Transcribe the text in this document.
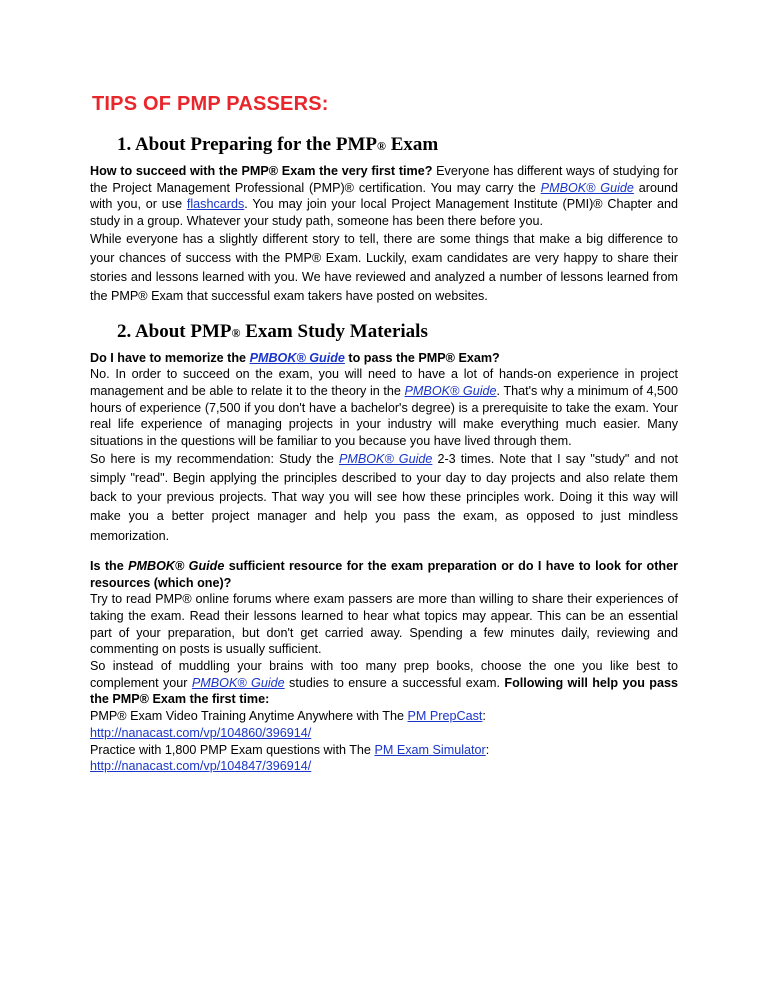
TIPS OF PMP PASSERS:
1. About Preparing for the PMP® Exam

How to succeed with the PMP® Exam the very first time? Everyone has different ways of studying for the Project Management Professional (PMP)® certification. You may carry the PMBOK® Guide around with you, or use flashcards. You may join your local Project Management Institute (PMI)® Chapter and study in a group. Whatever your study path, someone has been there before you.

While everyone has a slightly different story to tell, there are some things that make a big difference to your chances of success with the PMP® Exam. Luckily, exam candidates are very happy to share their stories and lessons learned with you. We have reviewed and analyzed a number of lessons learned from the PMP® Exam that successful exam takers have posted on websites.

2. About PMP® Exam Study Materials

Do I have to memorize the PMBOK® Guide to pass the PMP® Exam?

No. In order to succeed on the exam, you will need to have a lot of hands-on experience in project management and be able to relate it to the theory in the PMBOK® Guide. That's why a minimum of 4,500 hours of experience (7,500 if you don't have a bachelor's degree) is a prerequisite to take the exam. Your real life experience of managing projects in your industry will make everything much easier. Many situations in the questions will be familiar to you because you have lived through them.

So here is my recommendation: Study the PMBOK® Guide 2-3 times. Note that I say "study" and not simply "read". Begin applying the principles described to your day to day projects and also relate them back to your previous projects. That way you will see how these principles work. Doing it this way will make you a better project manager and help you pass the exam, as opposed to just mindless memorization.

Is the PMBOK® Guide sufficient resource for the exam preparation or do I have to look for other resources (which one)?

Try to read PMP® online forums where exam passers are more than willing to share their experiences of taking the exam. Read their lessons learned to hear what topics may appear. This can be an essential part of your preparation, but don't get carried away. Spending a few minutes daily, reviewing and commenting on posts is usually sufficient.

So instead of muddling your brains with too many prep books, choose the one you like best to complement your PMBOK® Guide studies to ensure a successful exam. Following will help you pass the PMP® Exam the first time:

PMP® Exam Video Training Anytime Anywhere with The PM PrepCast:

http://nanacast.com/vp/104860/396914/

Practice with 1,800 PMP Exam questions with The PM Exam Simulator:

http://nanacast.com/vp/104847/396914/
